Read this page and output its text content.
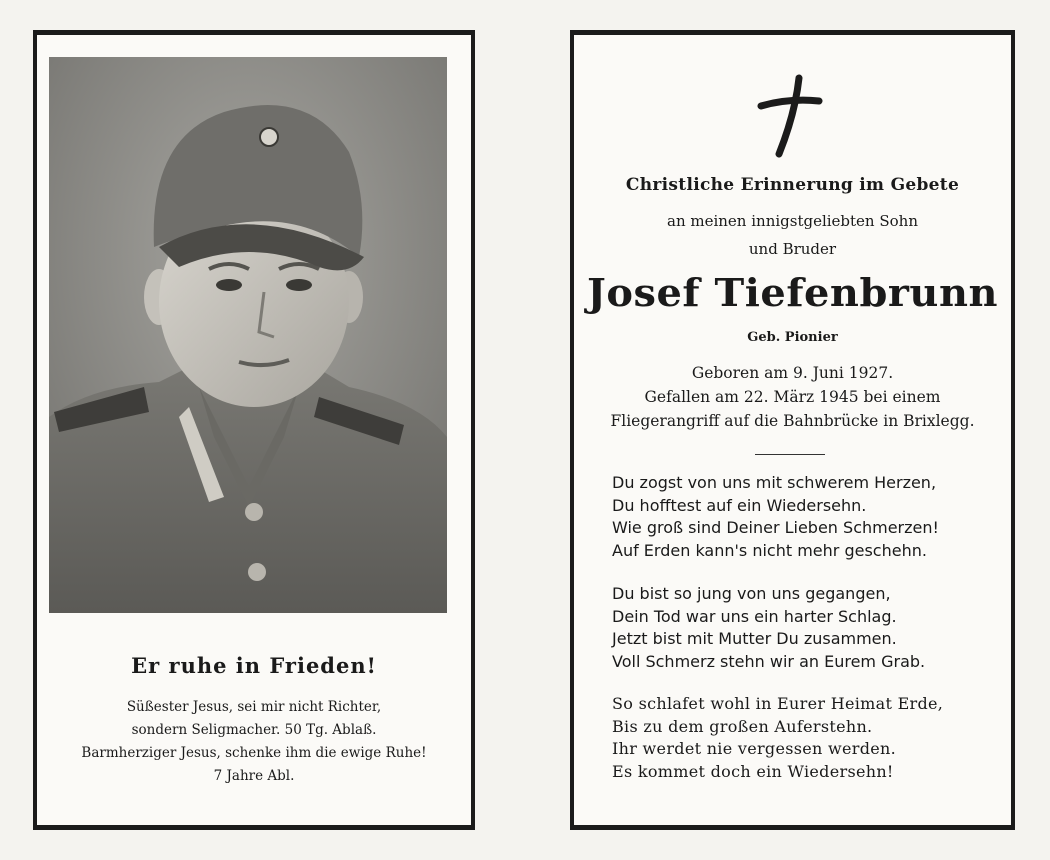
Er ruhe in Frieden!
Süßester Jesus, sei mir nicht Richter,
sondern Seligmacher. 50 Tg. Ablaß.
Barmherziger Jesus, schenke ihm die ewige Ruhe!
7 Jahre Abl.
Christliche Erinnerung im Gebete
an meinen innigstgeliebten Sohn
und Bruder
Josef Tiefenbrunn
Geb. Pionier
Geboren am 9. Juni 1927.
Gefallen am 22. März 1945 bei einem
Fliegerangriff auf die Bahnbrücke in Brixlegg.
Du zogst von uns mit schwerem Herzen,
Du hofftest auf ein Wiedersehn.
Wie groß sind Deiner Lieben Schmerzen!
Auf Erden kann's nicht mehr geschehn.
Du bist so jung von uns gegangen,
Dein Tod war uns ein harter Schlag.
Jetzt bist mit Mutter Du zusammen.
Voll Schmerz stehn wir an Eurem Grab.
So schlafet wohl in Eurer Heimat Erde,
Bis zu dem großen Auferstehn.
Ihr werdet nie vergessen werden.
Es kommet doch ein Wiedersehn!
